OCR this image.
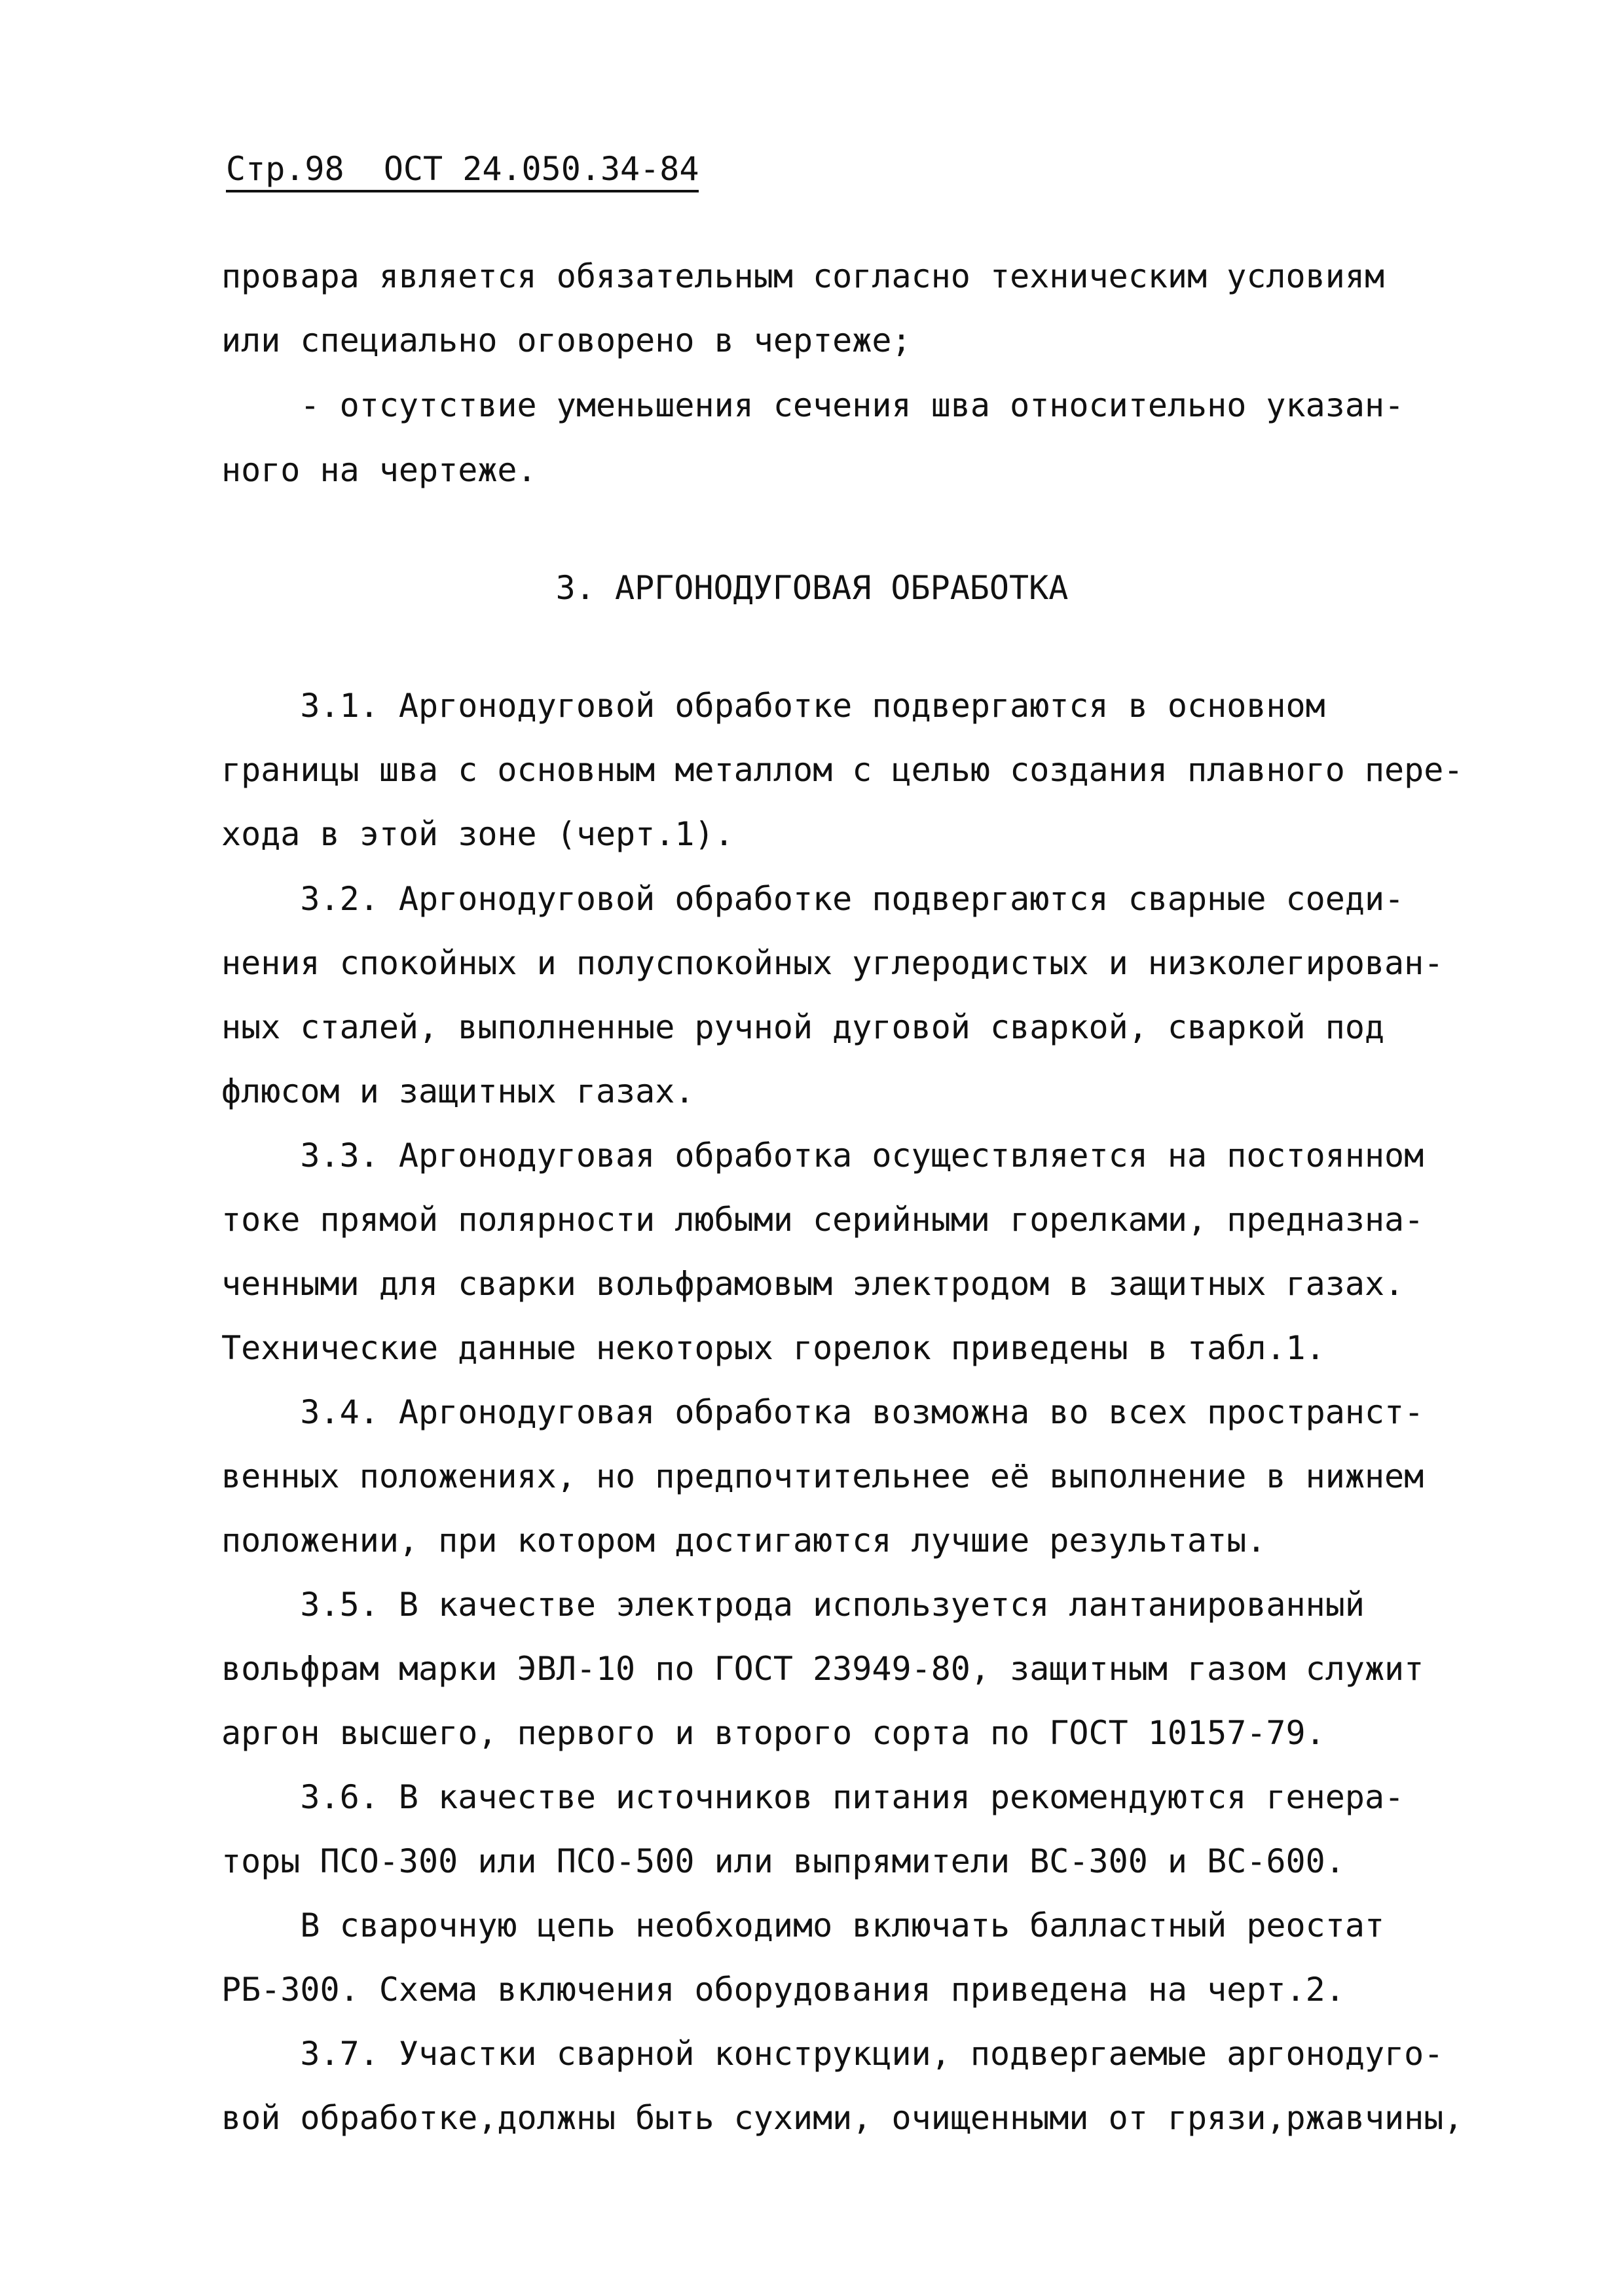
Стр.98  ОСТ 24.050.34-84
провара является обязательным согласно техническим условиям
или специально оговорено в чертеже;
- отсутствие уменьшения сечения шва относительно указан-
ного на чертеже.
3. АРГОНОДУГОВАЯ ОБРАБОТКА
3.1. Аргонодуговой обработке подвергаются в основном
границы шва с основным металлом с целью создания плавного пере-
хода в этой зоне (черт.1).
3.2. Аргонодуговой обработке подвергаются сварные соеди-
нения спокойных и полуспокойных углеродистых и низколегирован-
ных сталей, выполненные ручной дуговой сваркой, сваркой под
флюсом и защитных газах.
3.3. Аргонодуговая обработка осуществляется на постоянном
токе прямой полярности любыми серийными горелками, предназна-
ченными для сварки вольфрамовым электродом в защитных газах.
Технические данные некоторых горелок приведены в табл.1.
3.4. Аргонодуговая обработка возможна во всех пространст-
венных положениях, но предпочтительнее её выполнение в нижнем
положении, при котором достигаются лучшие результаты.
3.5. В качестве электрода используется лантанированный
вольфрам марки ЭВЛ-10 по ГОСТ 23949-80, защитным газом служит
аргон высшего, первого и второго сорта по ГОСТ 10157-79.
3.6. В качестве источников питания рекомендуются генера-
торы ПСО-300 или ПСО-500 или выпрямители ВС-300 и ВС-600.
В сварочную цепь необходимо включать балластный реостат
РБ-300. Схема включения оборудования приведена на черт.2.
3.7. Участки сварной конструкции, подвергаемые аргонодуго-
вой обработке,должны быть сухими, очищенными от грязи,ржавчины,
